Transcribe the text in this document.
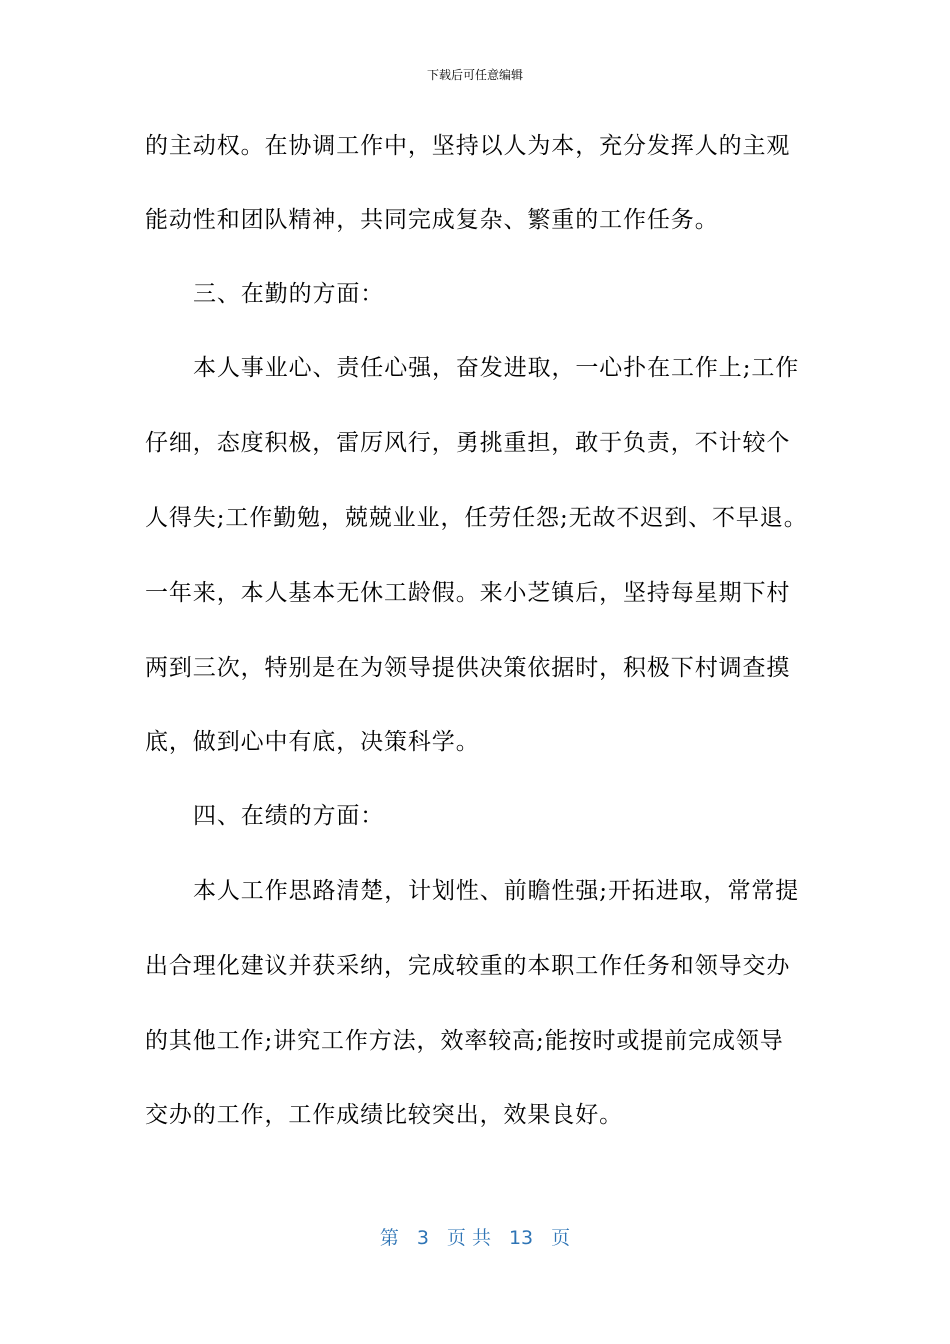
下载后可任意编辑
的主动权。在协调工作中，坚持以人为本，充分发挥人的主观
能动性和团队精神，共同完成复杂、繁重的工作任务。
三、在勤的方面：
本人事业心、责任心强，奋发进取，一心扑在工作上;工作
仔细，态度积极，雷厉风行，勇挑重担，敢于负责，不计较个
人得失;工作勤勉，兢兢业业，任劳任怨;无故不迟到、不早退。
一年来，本人基本无休工龄假。来小芝镇后，坚持每星期下村
两到三次，特别是在为领导提供决策依据时，积极下村调查摸
底，做到心中有底，决策科学。
四、在绩的方面：
本人工作思路清楚，计划性、前瞻性强;开拓进取，常常提
出合理化建议并获采纳，完成较重的本职工作任务和领导交办
的其他工作;讲究工作方法，效率较高;能按时或提前完成领导
交办的工作，工作成绩比较突出，效果良好。
第 3 页 共 13 页
